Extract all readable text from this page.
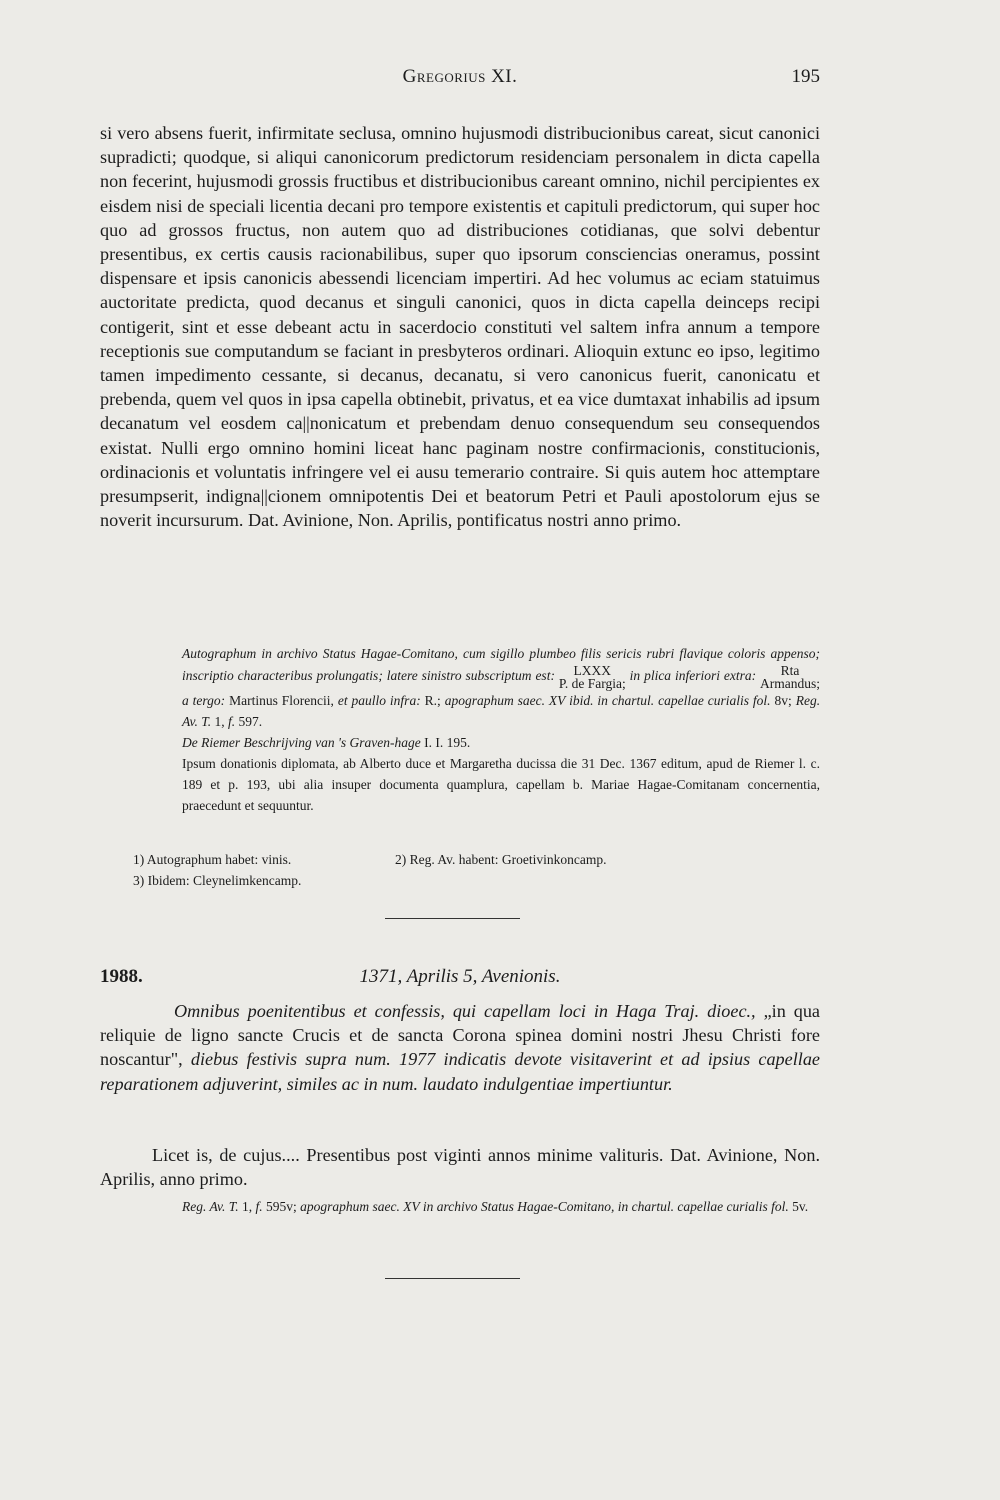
Gregorius XI.	195

si vero absens fuerit, infirmitate seclusa, omnino hujusmodi distribucionibus careat, sicut canonici supradicti; quodque, si aliqui canonicorum predictorum residenciam personalem in dicta capella non fecerint, hujusmodi grossis fructibus et distribucionibus careant omnino, nichil percipientes ex eisdem nisi de speciali licentia decani pro tempore existentis et capituli predictorum, qui super hoc quo ad grossos fructus, non autem quo ad distribuciones cotidianas, que solvi debentur presentibus, ex certis causis racionabilibus, super quo ipsorum consciencias oneramus, possint dispensare et ipsis canonicis abessendi licenciam impertiri. Ad hec volumus ac eciam statuimus auctoritate predicta, quod decanus et singuli canonici, quos in dicta capella deinceps recipi contigerit, sint et esse debeant actu in sacerdocio constituti vel saltem infra annum a tempore receptionis sue computandum se faciant in presbyteros ordinari. Alioquin extunc eo ipso, legitimo tamen impedimento cessante, si decanus, decanatu, si vero canonicus fuerit, canonicatu et prebenda, quem vel quos in ipsa capella obtinebit, privatus, et ea vice dumtaxat inhabilis ad ipsum decanatum vel eosdem ca||nonicatum et prebendam denuo consequendum seu consequendos existat. Nulli ergo omnino homini liceat hanc paginam nostre confirmacionis, constitucionis, ordinacionis et voluntatis infringere vel ei ausu temerario contraire. Si quis autem hoc attemptare presumpserit, indigna||cionem omnipotentis Dei et beatorum Petri et Pauli apostolorum ejus se noverit incursurum. Dat. Avinione, Non. Aprilis, pontificatus nostri anno primo.

Autographum in archivo Status Hagae-Comitano, cum sigillo plumbeo filis sericis rubri flavique coloris appenso; inscriptio characteribus prolungatis; latere sinistro subscriptum est:	LXXX
P. de Fargia;
in plica inferiori extra:	Rta
Armandus;
a tergo: Martinus Florencii, et paullo infra: R.; apographum saec. XV ibid. in chartul. capellae curialis fol. 8v; Reg. Av. T. 1, f. 597.

De Riemer Beschrijving van 's Graven-hage I. I. 195.

Ipsum donationis diplomata, ab Alberto duce et Margaretha ducissa die 31 Dec. 1367 editum, apud de Riemer l. c. 189 et p. 193, ubi alia insuper documenta quamplura, capellam b. Mariae Hagae-Comitanam concernentia, praecedunt et sequuntur.

1) Autographum habet: vinis.	2) Reg. Av. habent: Groetivinkoncamp.
3) Ibidem: Cleynelimkencamp.
1988.	1371, Aprilis 5, Avenionis.

Omnibus poenitentibus et confessis, qui capellam loci in Haga Traj. dioec., „in qua reliquie de ligno sancte Crucis et de sancta Corona spinea domini nostri Jhesu Christi fore noscantur", diebus festivis supra num. 1977 indicatis devote visitaverint et ad ipsius capellae reparationem adjuverint, similes ac in num. laudato indulgentiae impertiuntur.

Licet is, de cujus.... Presentibus post viginti annos minime valituris. Dat. Avinione, Non. Aprilis, anno primo.

Reg. Av. T. 1, f. 595v; apographum saec. XV in archivo Status Hagae-Comitano, in chartul. capellae curialis fol. 5v.
